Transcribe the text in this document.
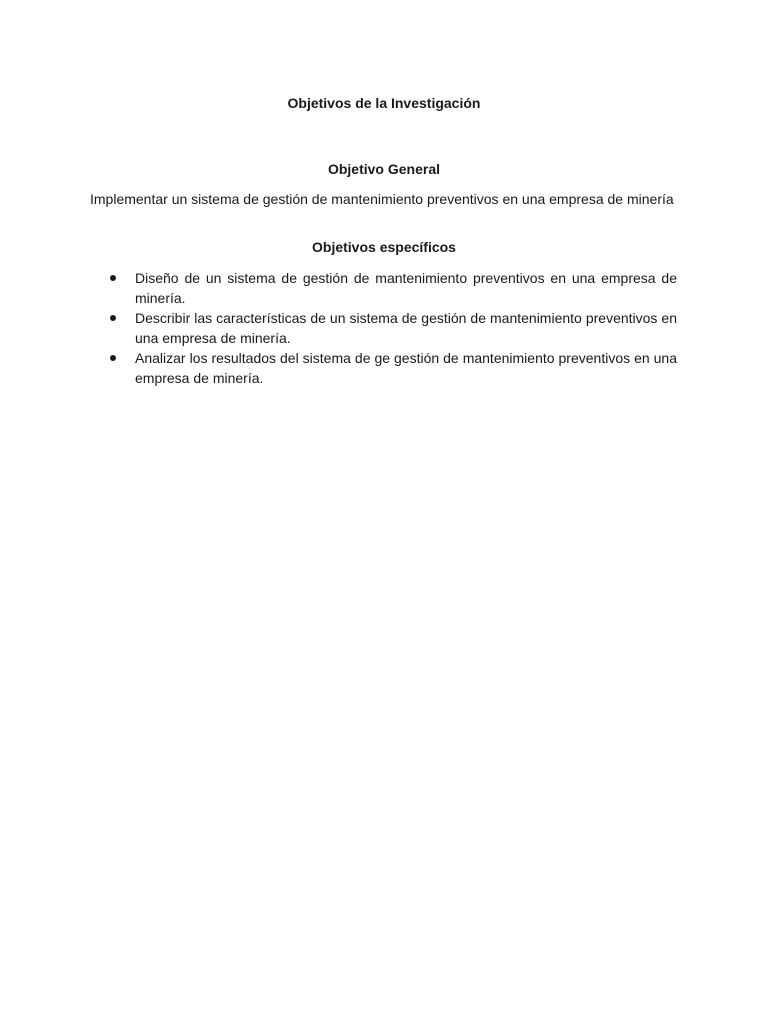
Objetivos de la Investigación
Objetivo General

Implementar un sistema de gestión de mantenimiento preventivos en una empresa de minería

Objetivos específicos
Diseño de un sistema de gestión de mantenimiento preventivos en una empresa de minería.
Describir las características de un sistema de gestión de mantenimiento preventivos en una empresa de minería.
Analizar los resultados del sistema de ge gestión de mantenimiento preventivos en una empresa de minería.
